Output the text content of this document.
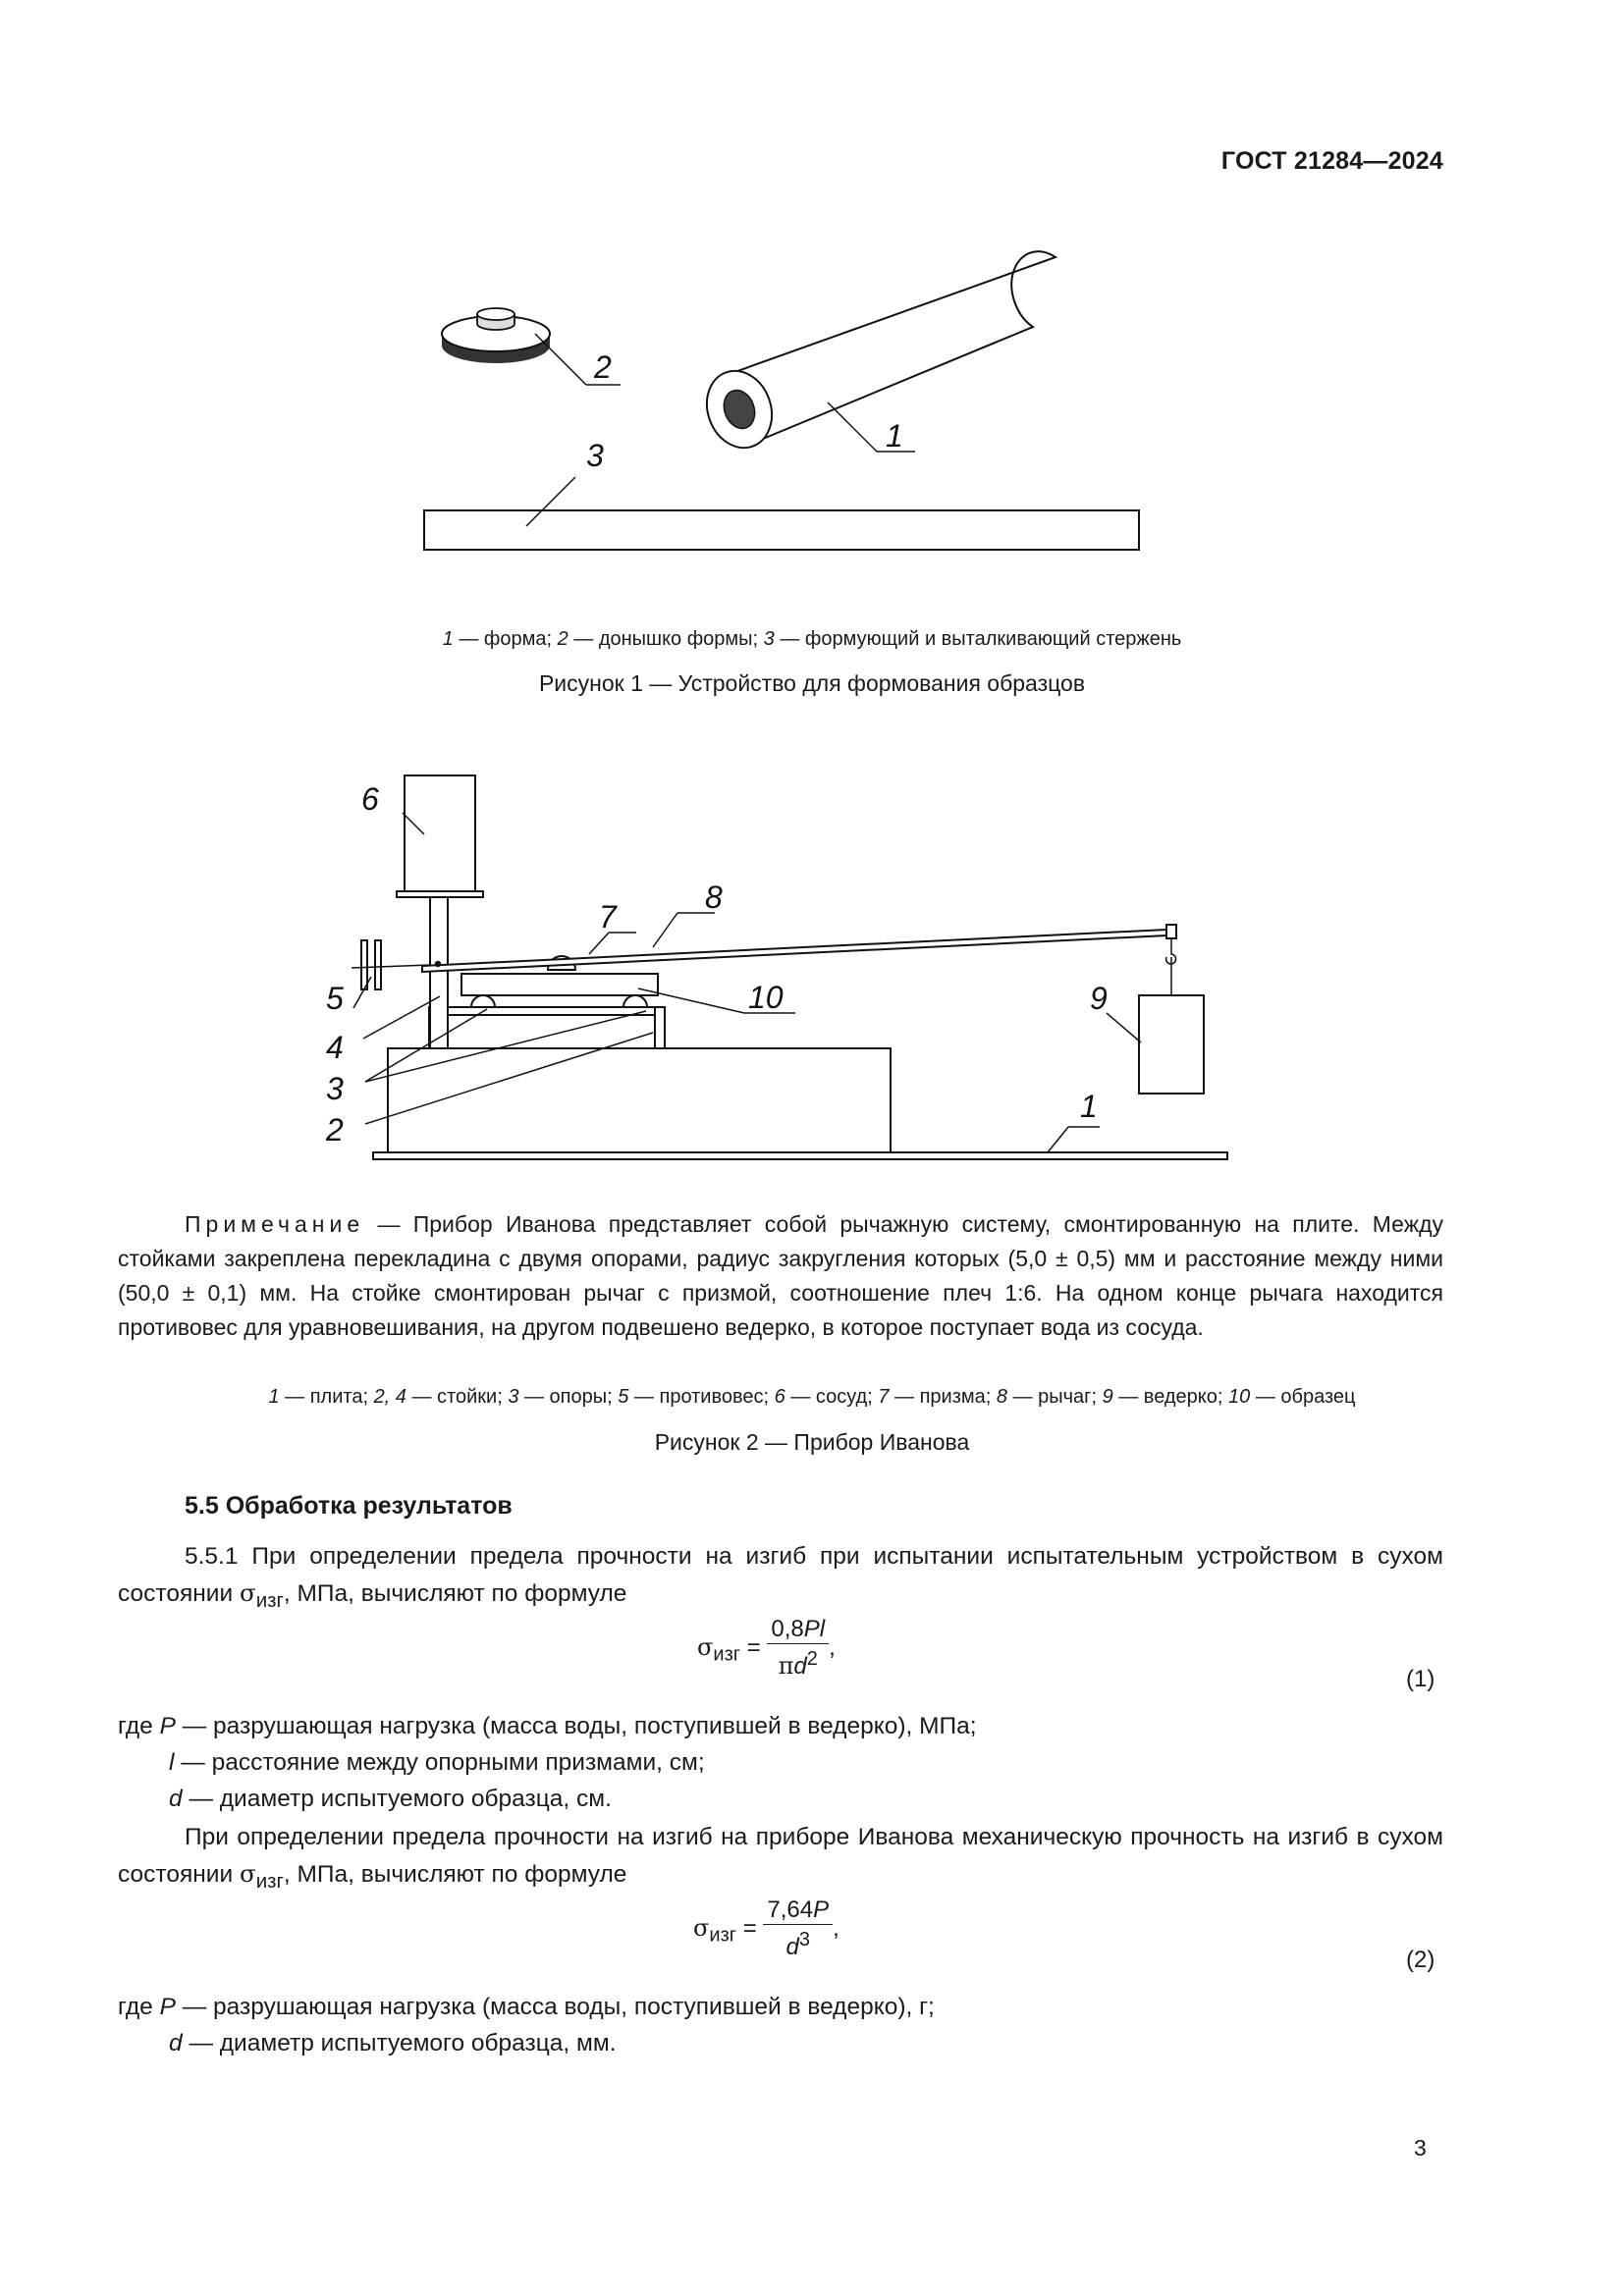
ГОСТ 21284—2024
2
1
3
1 — форма; 2 — донышко формы; 3 — формующий и выталкивающий стержень
Рисунок 1 — Устройство для формования образцов
6
7
8
5	10	9
4
3
2
1
Примечание — Прибор Иванова представляет собой рычажную систему, смонтированную на плите. Между стойками закреплена перекладина с двумя опорами, радиус закругления которых (5,0 ± 0,5) мм и расстояние между ними (50,0 ± 0,1) мм. На стойке смонтирован рычаг с призмой, соотношение плеч 1:6. На одном конце рычага находится противовес для уравновешивания, на другом подвешено ведерко, в которое поступает вода из сосуда.
1 — плита; 2, 4 — стойки; 3 — опоры; 5 — противовес; 6 — сосуд; 7 — призма; 8 — рычаг; 9 — ведерко; 10 — образец
Рисунок 2 — Прибор Иванова
5.5 Обработка результатов
5.5.1 При определении предела прочности на изгиб при испытании испытательным устройством в сухом состоянии $\sigma_{изг}$, МПа, вычисляют по формуле
$\sigma_{изг} = \frac{0,8Pl}{\pi d^2}$ ,
(1)
где P — разрушающая нагрузка (масса воды, поступившей в ведерко), МПа;
l — расстояние между опорными призмами, см;
d — диаметр испытуемого образца, см.
При определении предела прочности на изгиб на приборе Иванова механическую прочность на изгиб в сухом состоянии $\sigma_{изг}$, МПа, вычисляют по формуле
$\sigma_{изг} = \frac{7,64P}{d^3}$ ,
(2)
где P — разрушающая нагрузка (масса воды, поступившей в ведерко), г;
d — диаметр испытуемого образца, мм.
3
